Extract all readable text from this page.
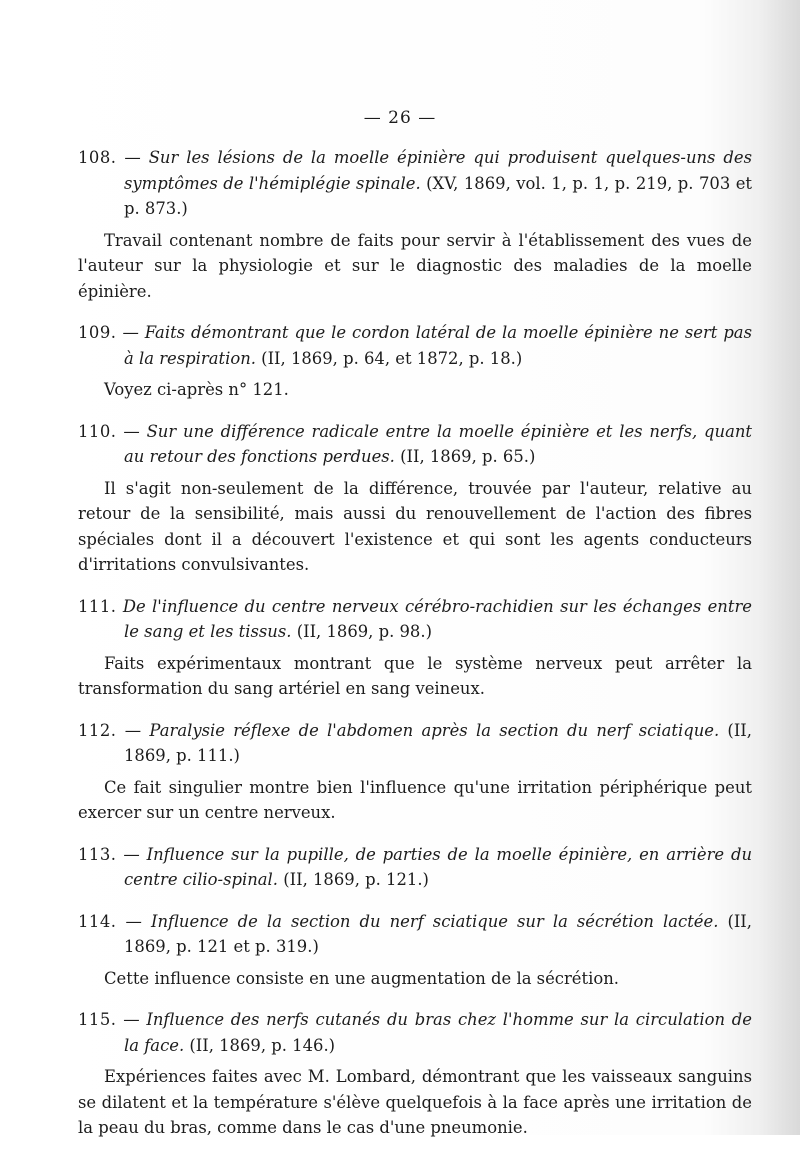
— 26 —
108. — Sur les lésions de la moelle épinière qui produisent quelques-uns des symptômes de l'hémiplégie spinale. (XV, 1869, vol. 1, p. 1, p. 219, p. 703 et p. 873.)

Travail contenant nombre de faits pour servir à l'établissement des vues de l'auteur sur la physiologie et sur le diagnostic des maladies de la moelle épinière.

109. — Faits démontrant que le cordon latéral de la moelle épinière ne sert pas à la respiration. (II, 1869, p. 64, et 1872, p. 18.)

Voyez ci-après n° 121.

110. — Sur une différence radicale entre la moelle épinière et les nerfs, quant au retour des fonctions perdues. (II, 1869, p. 65.)

Il s'agit non-seulement de la différence, trouvée par l'auteur, relative au retour de la sensibilité, mais aussi du renouvellement de l'action des fibres spéciales dont il a découvert l'existence et qui sont les agents conducteurs d'irritations convulsivantes.

111. De l'influence du centre nerveux cérébro-rachidien sur les échanges entre le sang et les tissus. (II, 1869, p. 98.)

Faits expérimentaux montrant que le système nerveux peut arrêter la transformation du sang artériel en sang veineux.

112. — Paralysie réflexe de l'abdomen après la section du nerf sciatique. (II, 1869, p. 111.)

Ce fait singulier montre bien l'influence qu'une irritation périphérique peut exercer sur un centre nerveux.

113. — Influence sur la pupille, de parties de la moelle épinière, en arrière du centre cilio-spinal. (II, 1869, p. 121.)
114. — Influence de la section du nerf sciatique sur la sécrétion lactée. (II, 1869, p. 121 et p. 319.)

Cette influence consiste en une augmentation de la sécrétion.

115. — Influence des nerfs cutanés du bras chez l'homme sur la circulation de la face. (II, 1869, p. 146.)

Expériences faites avec M. Lombard, démontrant que les vaisseaux sanguins se dilatent et la température s'élève quelquefois à la face après une irritation de la peau du bras, comme dans le cas d'une pneumonie.
